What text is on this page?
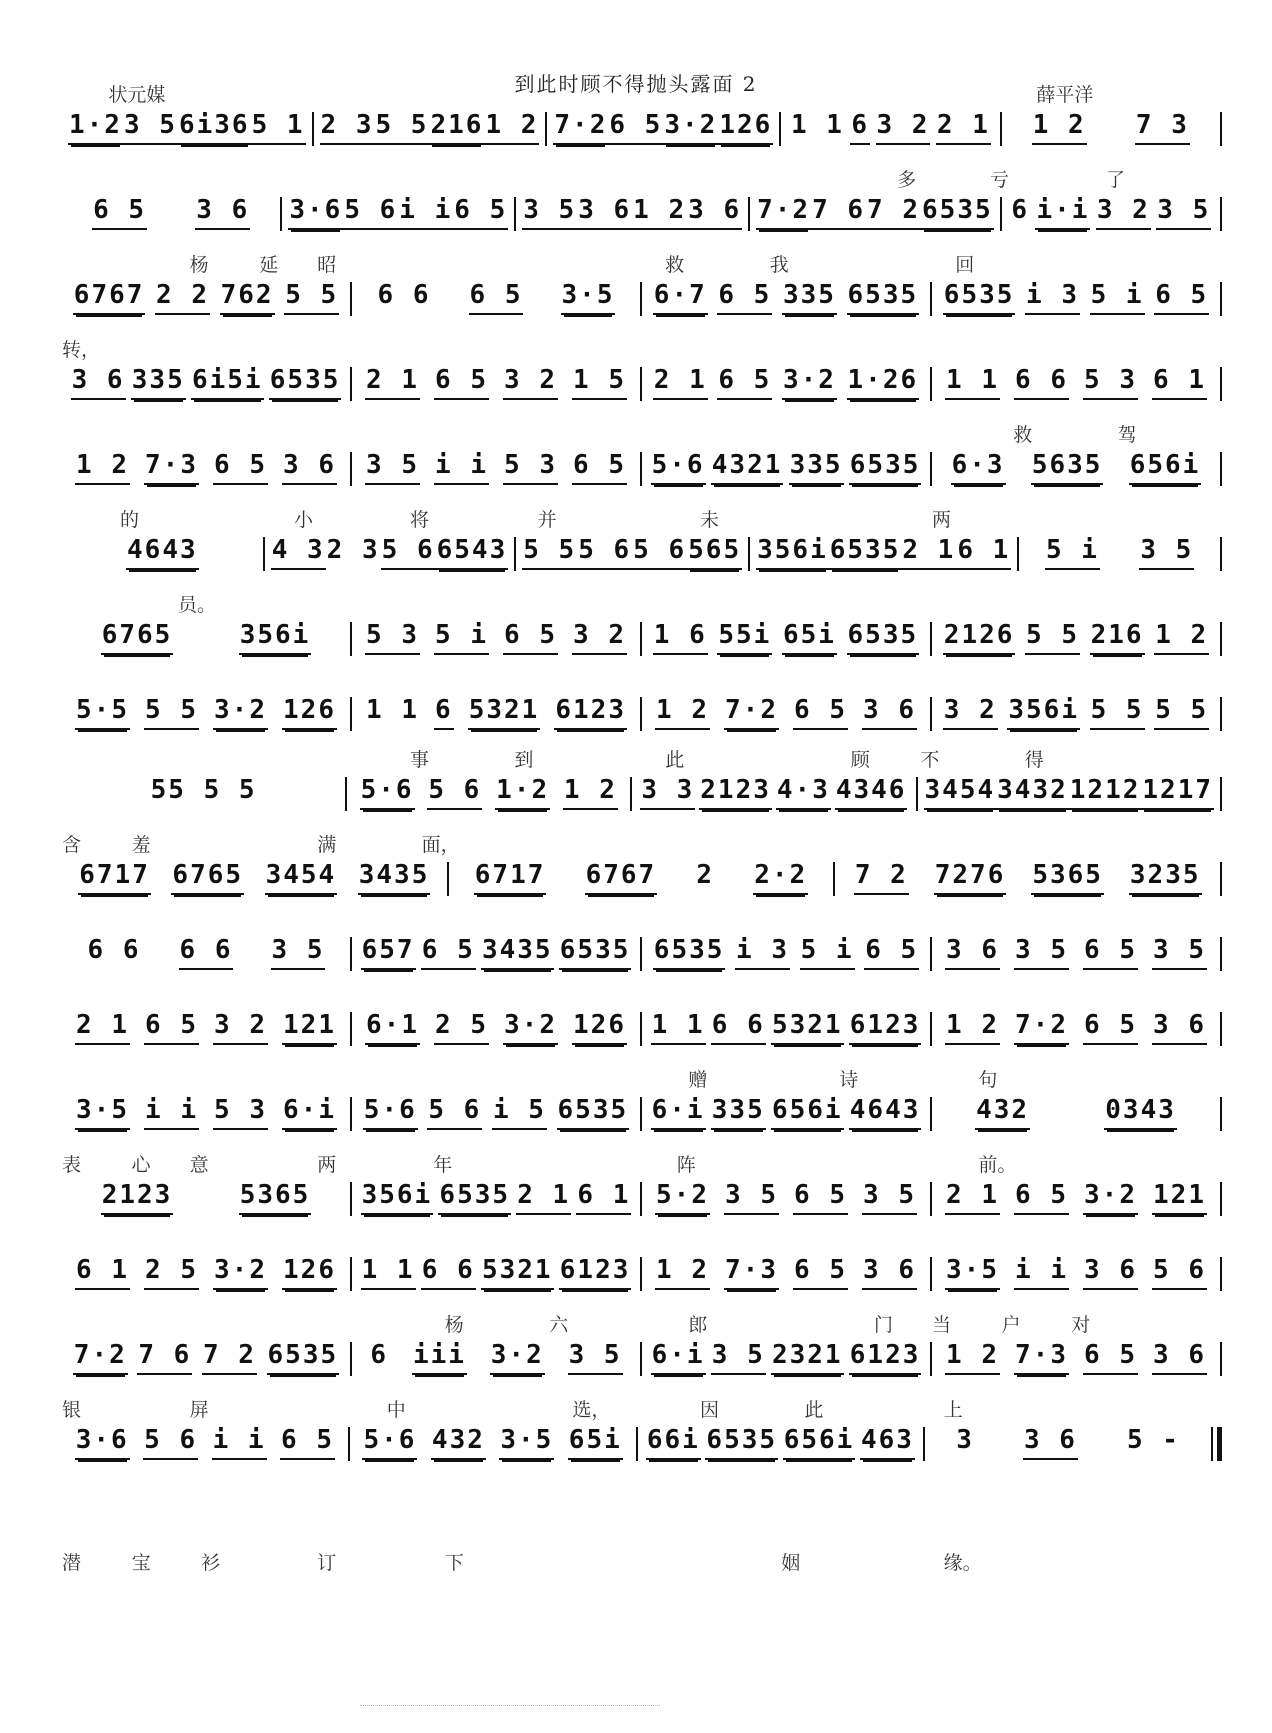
到此时顾不得抛头露面 2
状元媒	薛平洋
1·2 3 5 6i36 5 1 2 3 5 5 216 1 2 7·2 6 5 3·2 126 1 1 6 3 2 2 1 1 2 7 3
多	亏	了
6 5 3 6 3·6 5 6 i i 6 5 3 5 3 6 1 2 3 6 7·2 7 6 7 2 6535 6 i·i 3 2 3 5
杨	延 昭	救	我	回
6767 2 2 762 5 5 6 6 6 5 3·5 6·7 6 5 335 6535 6535 i 3 5 i 6 5
转，
3 6 335 6i5i 6535 2 1 6 5 3 2 1 5 2 1 6 5 3·2 1·26 1 1 6 6 5 3 6 1
救	驾
1 2 7·3 6 5 3 6 3 5 i i 5 3 6 5 5·6 4321 335 6535 6·3 5635 656i
的	小	将	并	未	两
4643	4 3 2 3 5 6 6543 5 5 5 6 5 6 565 356i 6535 2 1 6 1 5 i 3 5
员。
6765	356i 5 3 5 i 6 5 3 2 1 6 55i 65i 6535 2126 5 5 216 1 2
5·5 5 5 3·2 126 1 1 6 5321 6123 1 2 7·2 6 5 3 6 3 2 356i 5 5 5 5
事	到	此	顾	不	得
55 5 5	5·6 5 6 1·2 1 2 3 3 2123 4·3 4346 3454 3432 1212 1217
含	羞	满	面，
6717 6765 3454 3435 6717 6767 2 2·2 7 2 7276 5365 3235
6 6 6 6 3 5 657 6 5 3435 6535 6535 i 3 5 i 6 5 3 6 3 5 6 5 3 5
2 1 6 5 3 2 121 6·1 2 5 3·2 126 1 1 6 6 5321 6123 1 2 7·2 6 5 3 6
赠	诗	句
3·5 i i 5 3 6·i 5·6 5 6 i 5 6535 6·i 335 656i 4643 432	0343
表	心 意	两	年	阵	前。
2123	5365 356i 6535 2 1 6 1 5·2 3 5 6 5 3 5 2 1 6 5 3·2 121
6 1 2 5 3·2 126 1 1 6 6 5321 6123 1 2 7·3 6 5 3 6 3·5 i i 3 6 5 6
杨	六	郎	门 当	户	对
7·2 7 6 7 2 6535 6 iii 3·2 3 5 6·i 3 5 2321 6123 1 2 7·3 6 5 3 6
银	屏	中	选，	因	此	上
3·6 5 6 i i 6 5 5·6 432 3·5 65i 66i 6535 656i 463 3 3 6 5 -
潜	宝	衫	订	下	姻	缘。
